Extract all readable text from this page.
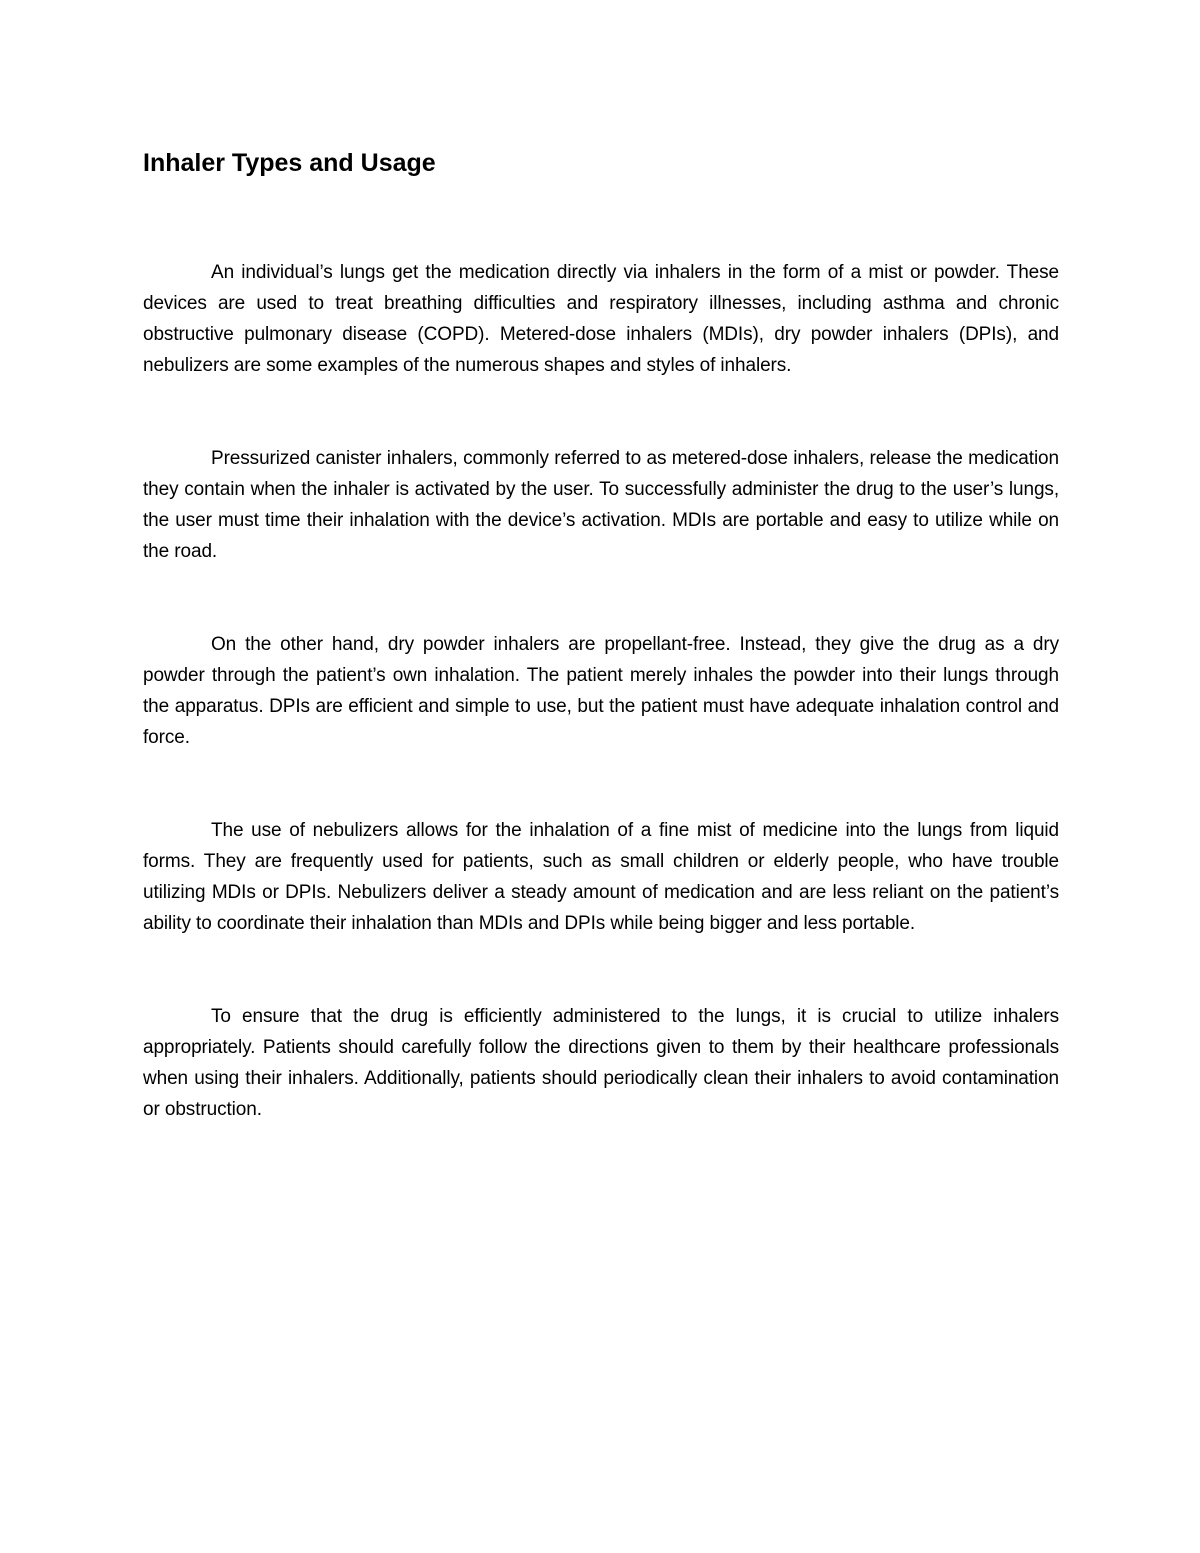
Inhaler Types and Usage

An individual’s lungs get the medication directly via inhalers in the form of a mist or powder. These devices are used to treat breathing difficulties and respiratory illnesses, including asthma and chronic obstructive pulmonary disease (COPD). Metered-dose inhalers (MDIs), dry powder inhalers (DPIs), and nebulizers are some examples of the numerous shapes and styles of inhalers.

Pressurized canister inhalers, commonly referred to as metered-dose inhalers, release the medication they contain when the inhaler is activated by the user. To successfully administer the drug to the user’s lungs, the user must time their inhalation with the device’s activation. MDIs are portable and easy to utilize while on the road.

On the other hand, dry powder inhalers are propellant-free. Instead, they give the drug as a dry powder through the patient’s own inhalation. The patient merely inhales the powder into their lungs through the apparatus. DPIs are efficient and simple to use, but the patient must have adequate inhalation control and force.

The use of nebulizers allows for the inhalation of a fine mist of medicine into the lungs from liquid forms. They are frequently used for patients, such as small children or elderly people, who have trouble utilizing MDIs or DPIs. Nebulizers deliver a steady amount of medication and are less reliant on the patient’s ability to coordinate their inhalation than MDIs and DPIs while being bigger and less portable.

To ensure that the drug is efficiently administered to the lungs, it is crucial to utilize inhalers appropriately. Patients should carefully follow the directions given to them by their healthcare professionals when using their inhalers. Additionally, patients should periodically clean their inhalers to avoid contamination or obstruction.
